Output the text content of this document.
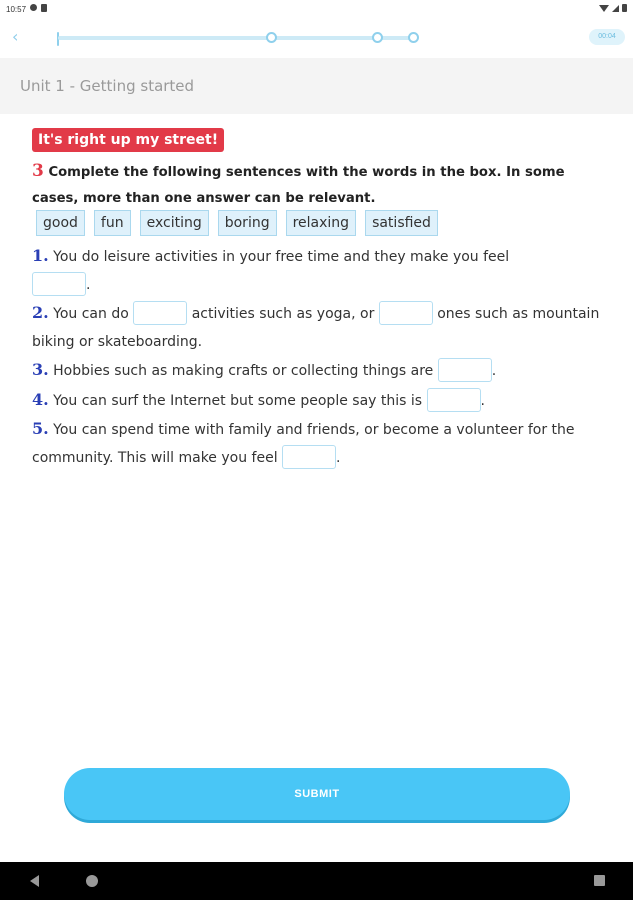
10:57
‹	00:04
Unit 1 - Getting started
It's right up my street!
3 Complete the following sentences with the words in the box. In some cases, more than one answer can be relevant.
good	fun	exciting	boring	relaxing	satisfied
1. You do leisure activities in your free time and they make you feel
.
2. You can do	activities such as yoga, or	ones such as mountain biking or skateboarding.
3. Hobbies such as making crafts or collecting things are	.
4. You can surf the Internet but some people say this is	.
5. You can spend time with family and friends, or become a volunteer for the community. This will make you feel	.
SUBMIT
